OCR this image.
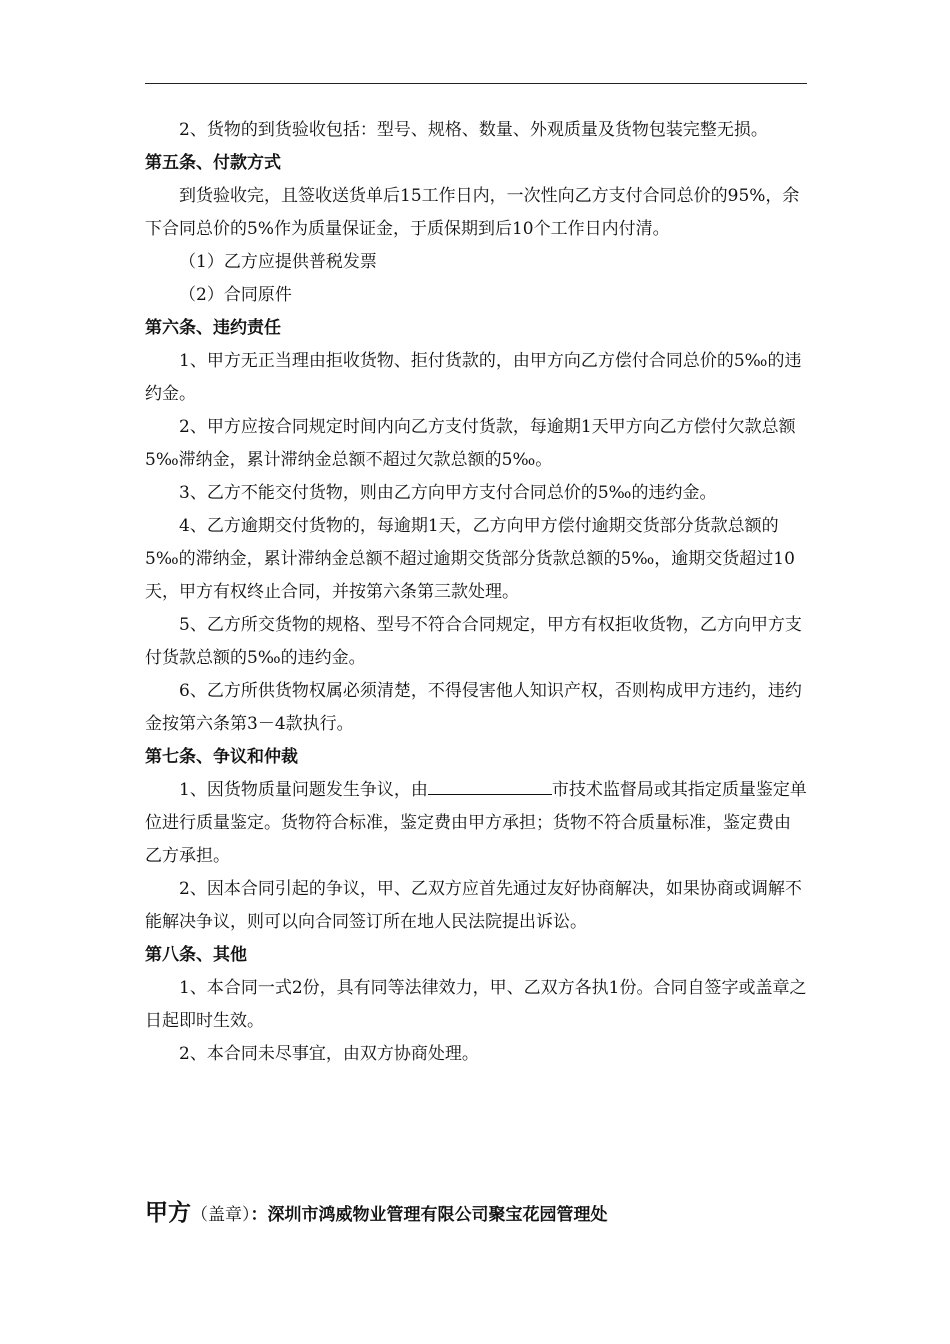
2、货物的到货验收包括：型号、规格、数量、外观质量及货物包装完整无损。

第五条、付款方式

到货验收完，且签收送货单后15工作日内，一次性向乙方支付合同总价的95%，余下合同总价的5%作为质量保证金，于质保期到后10个工作日内付清。

（1）乙方应提供普税发票

（2）合同原件

第六条、违约责任

1、甲方无正当理由拒收货物、拒付货款的，由甲方向乙方偿付合同总价的5‰的违约金。

2、甲方应按合同规定时间内向乙方支付货款，每逾期1天甲方向乙方偿付欠款总额5‰滞纳金，累计滞纳金总额不超过欠款总额的5‰。

3、乙方不能交付货物，则由乙方向甲方支付合同总价的5‰的违约金。

4、乙方逾期交付货物的，每逾期1天，乙方向甲方偿付逾期交货部分货款总额的5‰的滞纳金，累计滞纳金总额不超过逾期交货部分货款总额的5‰，逾期交货超过10天，甲方有权终止合同，并按第六条第三款处理。

5、乙方所交货物的规格、型号不符合合同规定，甲方有权拒收货物，乙方向甲方支付货款总额的5‰的违约金。

6、乙方所供货物权属必须清楚，不得侵害他人知识产权，否则构成甲方违约，违约金按第六条第3－4款执行。

第七条、争议和仲裁

1、因货物质量问题发生争议，由	市技术监督局或其指定质量鉴定单位进行质量鉴定。货物符合标准，鉴定费由甲方承担；货物不符合质量标准，鉴定费由乙方承担。

2、因本合同引起的争议，甲、乙双方应首先通过友好协商解决，如果协商或调解不能解决争议，则可以向合同签订所在地人民法院提出诉讼。

第八条、其他

1、本合同一式2份，具有同等法律效力，甲、乙双方各执1份。合同自签字或盖章之日起即时生效。

2、本合同未尽事宜，由双方协商处理。

甲方（盖章）：深圳市鸿威物业管理有限公司聚宝花园管理处
